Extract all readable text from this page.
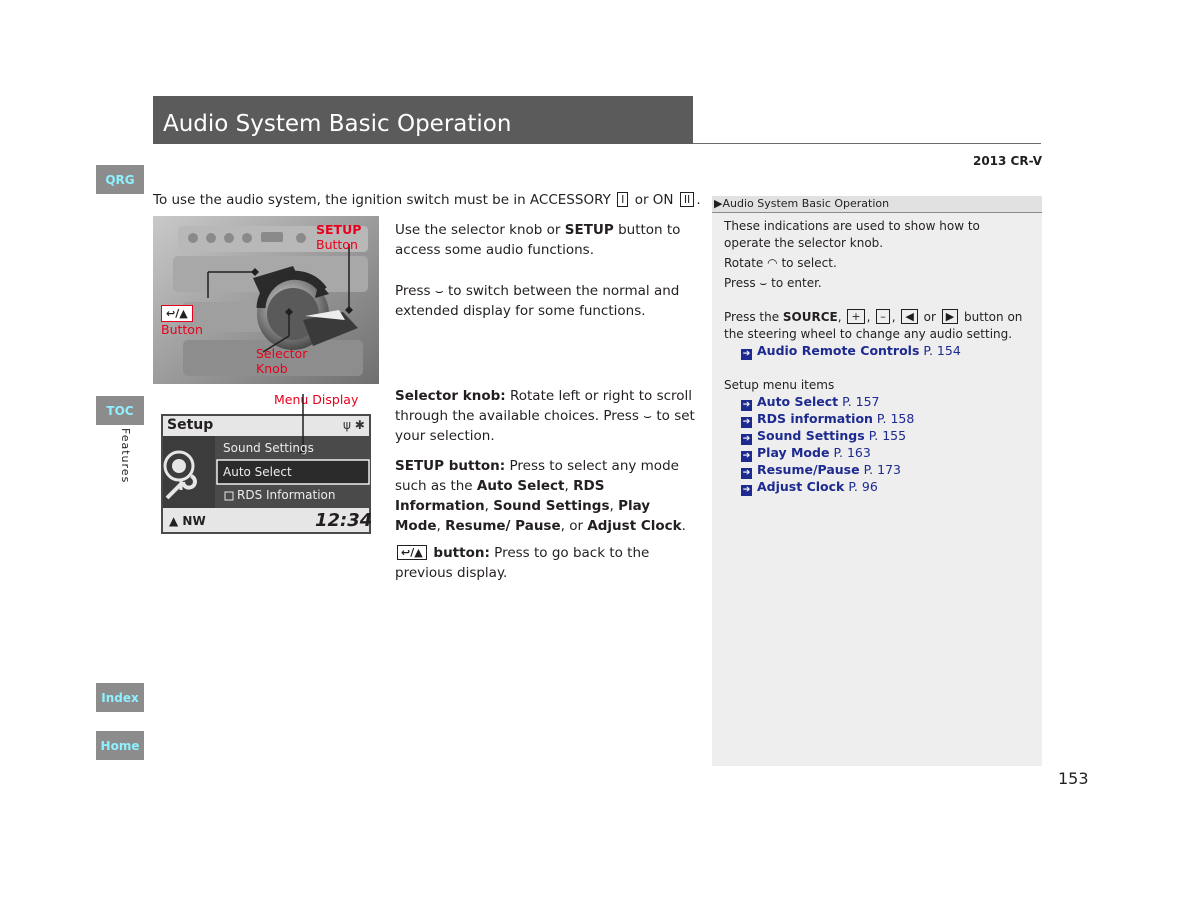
Audio System Basic Operation
2013 CR-V
QRG
TOC
Features
Index
Home
To use the audio system, the ignition switch must be in ACCESSORY I or ON II .
SETUP
Button
↩/▲
Button
Selector
Knob
Menu Display
Setup	ψ ✱
Sound Settings
Auto Select
RDS Information
▲ NW	12:34
Use the selector knob or SETUP button to access some audio functions.
Press ⌣ to switch between the normal and extended display for some functions.
Selector knob: Rotate left or right to scroll through the available choices. Press ⌣ to set your selection.
SETUP button: Press to select any mode such as the Auto Select, RDS Information, Sound Settings, Play Mode, Resume/ Pause, or Adjust Clock.
↩/▲ button: Press to go back to the previous display.
▶Audio System Basic Operation
These indications are used to show how to operate the selector knob.
Rotate ◠ to select.
Press ⌣ to enter.
Press the SOURCE, + , – , ◀ or ▶ button on the steering wheel to change any audio setting.
➔ Audio Remote Controls P. 154
Setup menu items
➔ Auto Select P. 157
➔ RDS information P. 158
➔ Sound Settings P. 155
➔ Play Mode P. 163
➔ Resume/Pause P. 173
➔ Adjust Clock P. 96
153
